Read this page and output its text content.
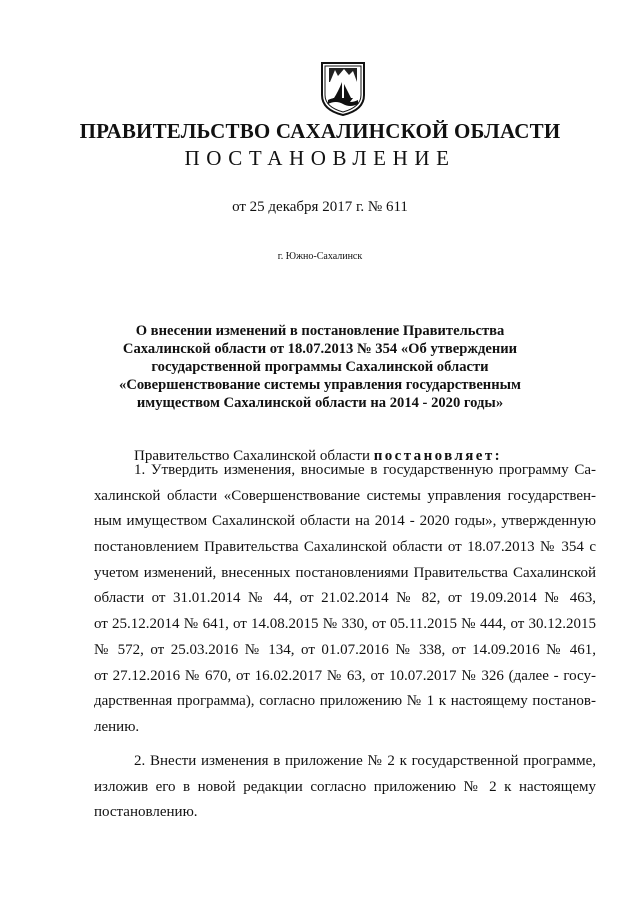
ПРАВИТЕЛЬСТВО САХАЛИНСКОЙ ОБЛАСТИ
ПОСТАНОВЛЕНИЕ
от 25 декабря 2017 г. № 611
г. Южно-Сахалинск

О внесении изменений в постановление Правительства
Сахалинской области от 18.07.2013 № 354 «Об утверждении
государственной программы Сахалинской области
«Совершенствование системы управления государственным
имуществом Сахалинской области на 2014 - 2020 годы»

Правительство Сахалинской области постановляет:

1. Утвердить изменения, вносимые в государственную программу Са-
халинской области «Совершенствование системы управления государствен-
ным имуществом Сахалинской области на 2014 - 2020 годы», утвержденную
постановлением Правительства Сахалинской области от 18.07.2013 № 354 с
учетом изменений, внесенных постановлениями Правительства Сахалинской
области от 31.01.2014 № 44, от 21.02.2014 № 82, от 19.09.2014 № 463,
от 25.12.2014 № 641, от 14.08.2015 № 330, от 05.11.2015 № 444, от 30.12.2015
№ 572, от 25.03.2016 № 134, от 01.07.2016 № 338, от 14.09.2016 № 461,
от 27.12.2016 № 670, от 16.02.2017 № 63, от 10.07.2017 № 326 (далее - госу-
дарственная программа), согласно приложению № 1 к настоящему постанов-
лению.

2. Внести изменения в приложение № 2 к государственной программе,
изложив его в новой редакции согласно приложению № 2 к настоящему
постановлению.
